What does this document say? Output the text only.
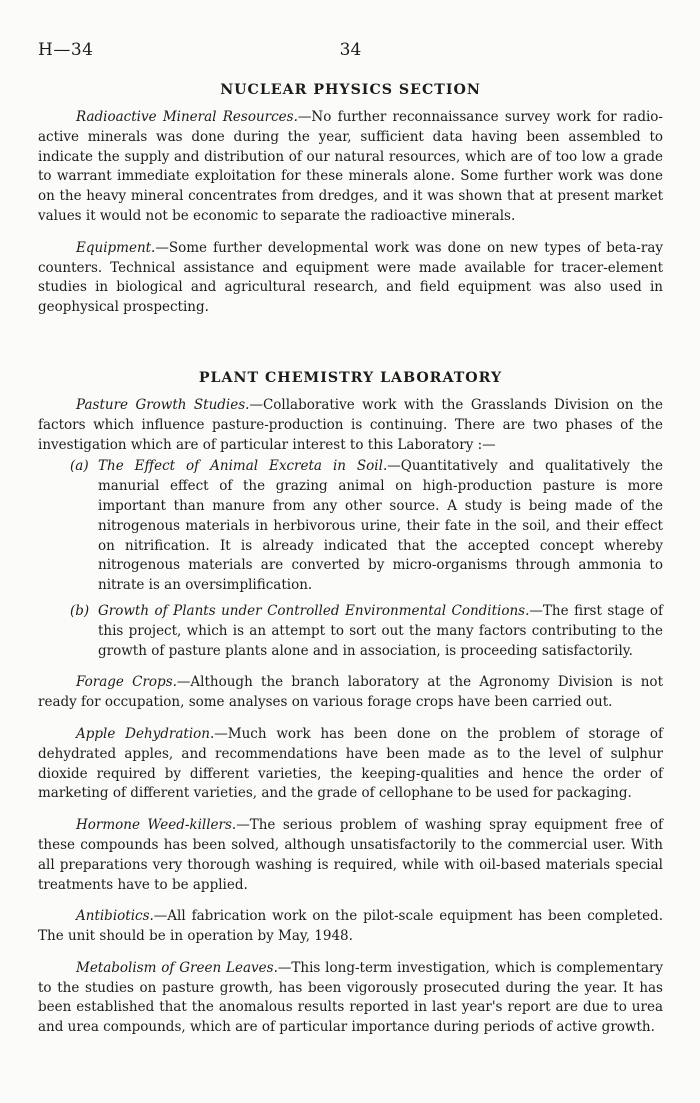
H—34	34
NUCLEAR PHYSICS SECTION

Radioactive Mineral Resources.—No further reconnaissance survey work for radio-active minerals was done during the year, sufficient data having been assembled to indicate the supply and distribution of our natural resources, which are of too low a grade to warrant immediate exploitation for these minerals alone. Some further work was done on the heavy mineral concentrates from dredges, and it was shown that at present market values it would not be economic to separate the radioactive minerals.

Equipment.—Some further developmental work was done on new types of beta-ray counters. Technical assistance and equipment were made available for tracer-element studies in biological and agricultural research, and field equipment was also used in geophysical prospecting.

PLANT CHEMISTRY LABORATORY

Pasture Growth Studies.—Collaborative work with the Grasslands Division on the factors which influence pasture-production is continuing. There are two phases of the investigation which are of particular interest to this Laboratory :—

(a) The Effect of Animal Excreta in Soil.—Quantitatively and qualitatively the manurial effect of the grazing animal on high-production pasture is more important than manure from any other source. A study is being made of the nitrogenous materials in herbivorous urine, their fate in the soil, and their effect on nitrification. It is already indicated that the accepted concept whereby nitrogenous materials are converted by micro-organisms through ammonia to nitrate is an oversimplification.

(b) Growth of Plants under Controlled Environmental Conditions.—The first stage of this project, which is an attempt to sort out the many factors contributing to the growth of pasture plants alone and in association, is proceeding satisfactorily.

Forage Crops.—Although the branch laboratory at the Agronomy Division is not ready for occupation, some analyses on various forage crops have been carried out.

Apple Dehydration.—Much work has been done on the problem of storage of dehydrated apples, and recommendations have been made as to the level of sulphur dioxide required by different varieties, the keeping-qualities and hence the order of marketing of different varieties, and the grade of cellophane to be used for packaging.

Hormone Weed-killers.—The serious problem of washing spray equipment free of these compounds has been solved, although unsatisfactorily to the commercial user. With all preparations very thorough washing is required, while with oil-based materials special treatments have to be applied.

Antibiotics.—All fabrication work on the pilot-scale equipment has been completed. The unit should be in operation by May, 1948.

Metabolism of Green Leaves.—This long-term investigation, which is complementary to the studies on pasture growth, has been vigorously prosecuted during the year. It has been established that the anomalous results reported in last year's report are due to urea and urea compounds, which are of particular importance during periods of active growth.
